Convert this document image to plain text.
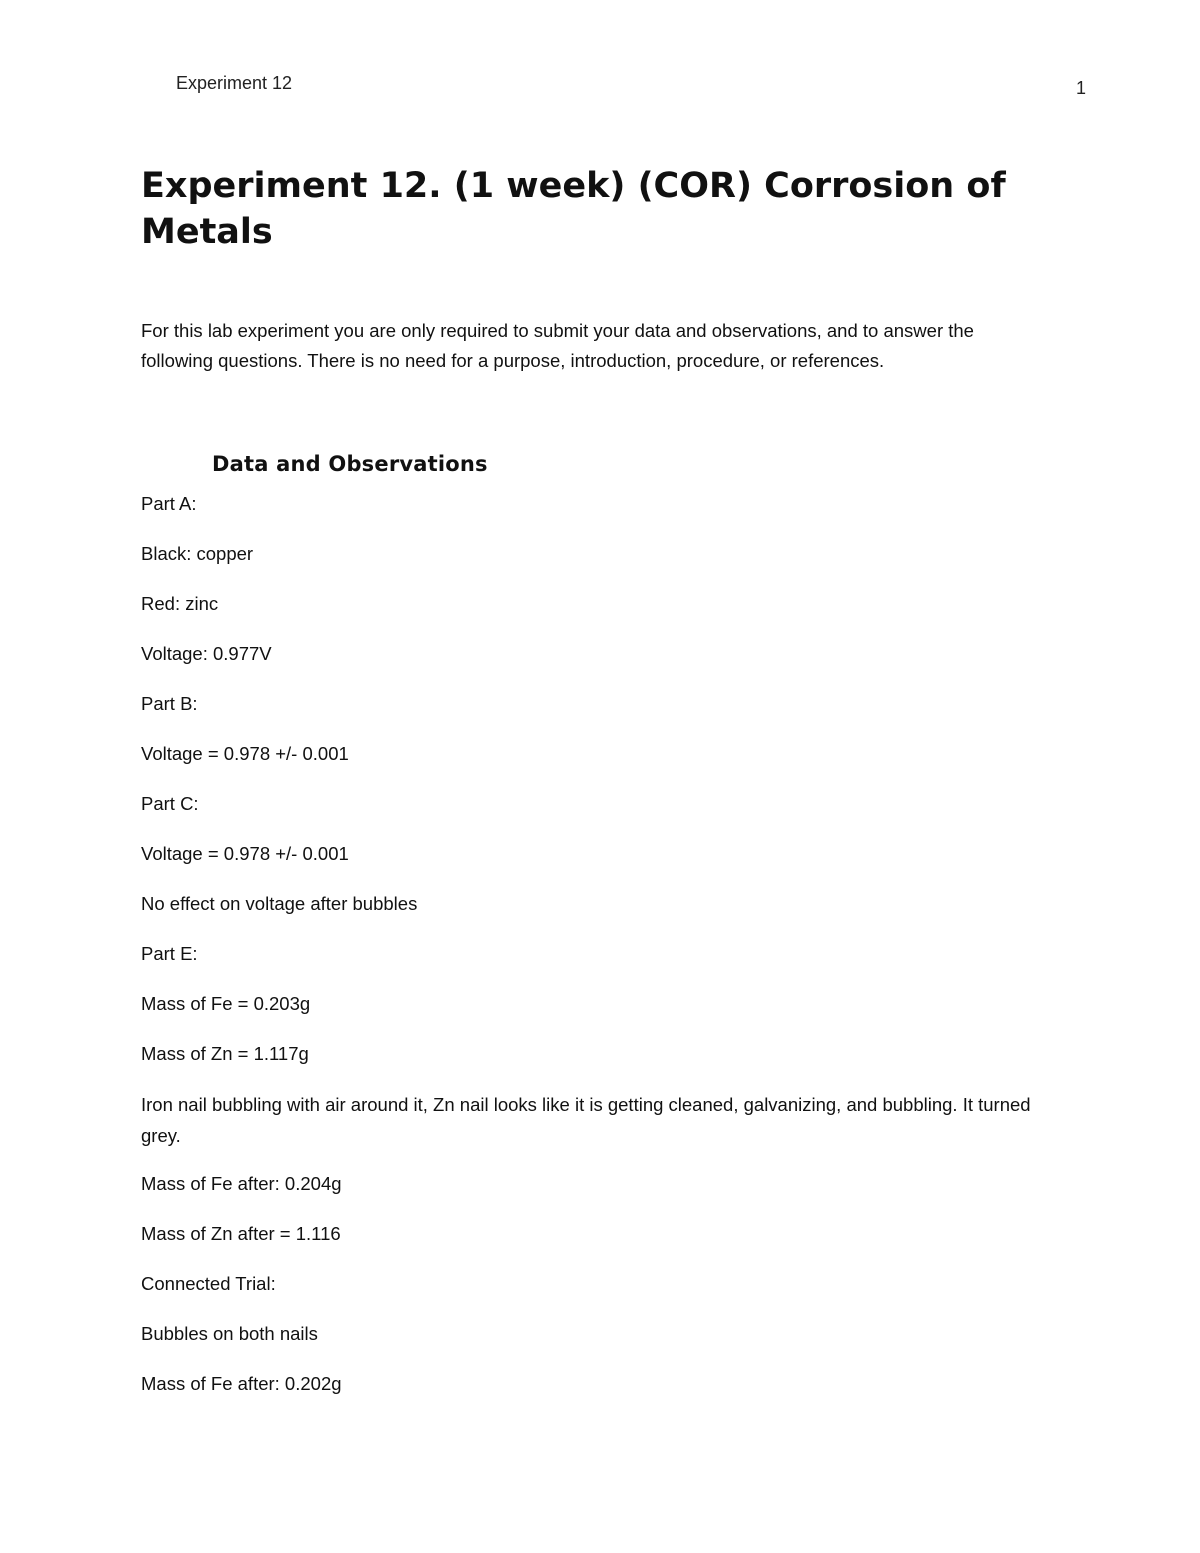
Experiment 12	1
Experiment 12. (1 week) (COR) Corrosion of Metals

For this lab experiment you are only required to submit your data and observations, and to answer the following questions. There is no need for a purpose, introduction, procedure, or references.

Data and Observations

Part A:

Black: copper

Red: zinc

Voltage: 0.977V

Part B:

Voltage = 0.978 +/- 0.001

Part C:

Voltage = 0.978 +/- 0.001

No effect on voltage after bubbles

Part E:

Mass of Fe = 0.203g

Mass of Zn = 1.117g

Iron nail bubbling with air around it, Zn nail looks like it is getting cleaned, galvanizing, and bubbling. It turned grey.

Mass of Fe after: 0.204g

Mass of Zn after = 1.116

Connected Trial:

Bubbles on both nails

Mass of Fe after: 0.202g
